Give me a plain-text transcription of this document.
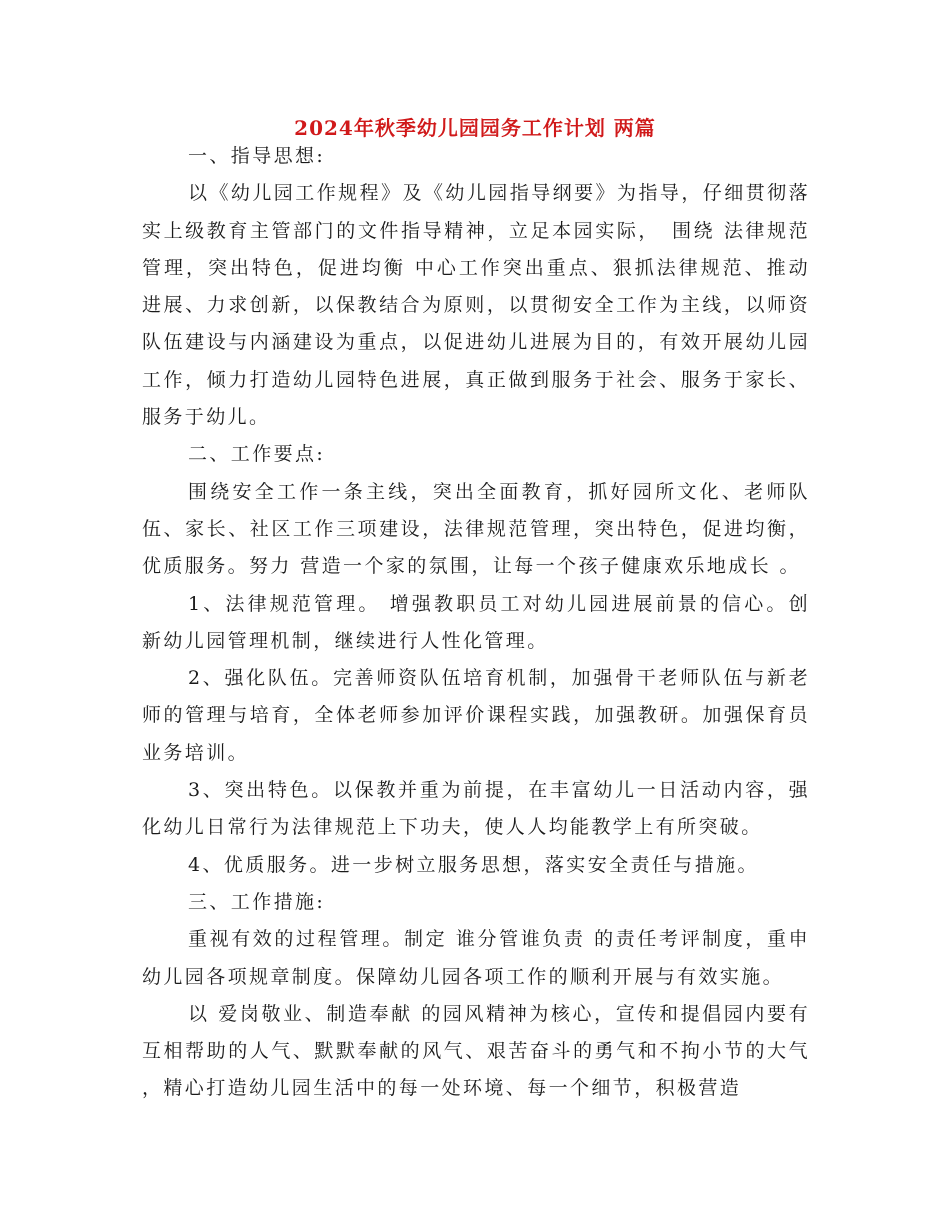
2024年秋季幼儿园园务工作计划 两篇

一、指导思想:

以《幼儿园工作规程》及《幼儿园指导纲要》为指导，仔细贯彻落实上级教育主管部门的文件指导精神，立足本园实际，　围绕 法律规范管理，突出特色，促进均衡 中心工作突出重点、狠抓法律规范、推动进展、力求创新，以保教结合为原则，以贯彻安全工作为主线，以师资队伍建设与内涵建设为重点，以促进幼儿进展为目的，有效开展幼儿园工作，倾力打造幼儿园特色进展，真正做到服务于社会、服务于家长、服务于幼儿。

二、工作要点:

围绕安全工作一条主线，突出全面教育，抓好园所文化、老师队伍、家长、社区工作三项建设，法律规范管理，突出特色，促进均衡，优质服务。努力 营造一个家的氛围，让每一个孩子健康欢乐地成长 。

1、法律规范管理。 增强教职员工对幼儿园进展前景的信心。创新幼儿园管理机制，继续进行人性化管理。

2、强化队伍。完善师资队伍培育机制，加强骨干老师队伍与新老师的管理与培育，全体老师参加评价课程实践，加强教研。加强保育员业务培训。

3、突出特色。以保教并重为前提，在丰富幼儿一日活动内容，强化幼儿日常行为法律规范上下功夫，使人人均能教学上有所突破。

4、优质服务。进一步树立服务思想，落实安全责任与措施。

三、工作措施:

重视有效的过程管理。制定 谁分管谁负责 的责任考评制度，重申幼儿园各项规章制度。保障幼儿园各项工作的顺利开展与有效实施。

以 爱岗敬业、制造奉献 的园风精神为核心，宣传和提倡园内要有 互相帮助的人气、默默奉献的风气、艰苦奋斗的勇气和不拘小节的大气 ，精心打造幼儿园生活中的每一处环境、每一个细节，积极营造
